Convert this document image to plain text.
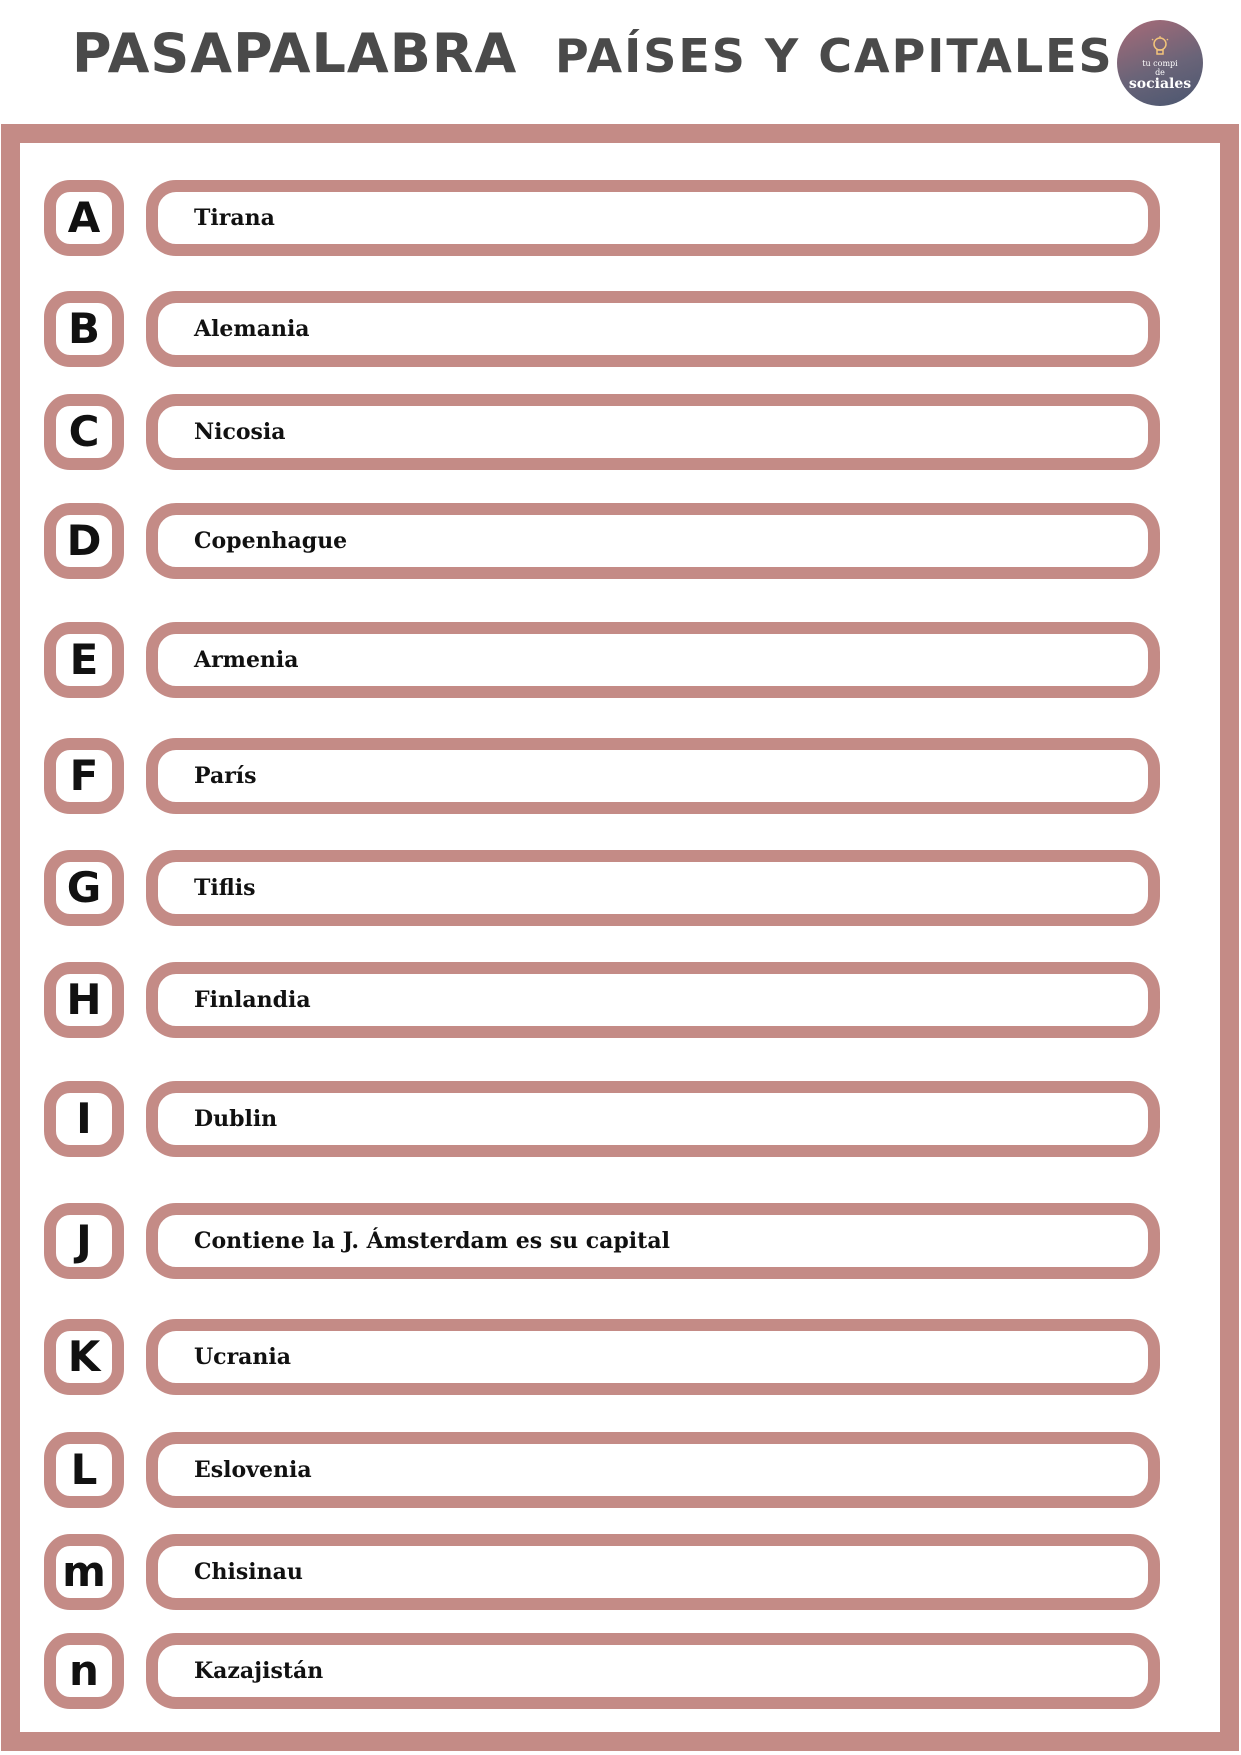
PASAPALABRA PAÍSES Y CAPITALES	tu compi
de
sociales
A	Tirana
B	Alemania
C	Nicosia
D	Copenhague
E	Armenia
F	París
G	Tiflis
H	Finlandia
I	Dublin
J	Contiene la J. Ámsterdam es su capital
K	Ucrania
L	Eslovenia
m	Chisinau
n	Kazajistán
